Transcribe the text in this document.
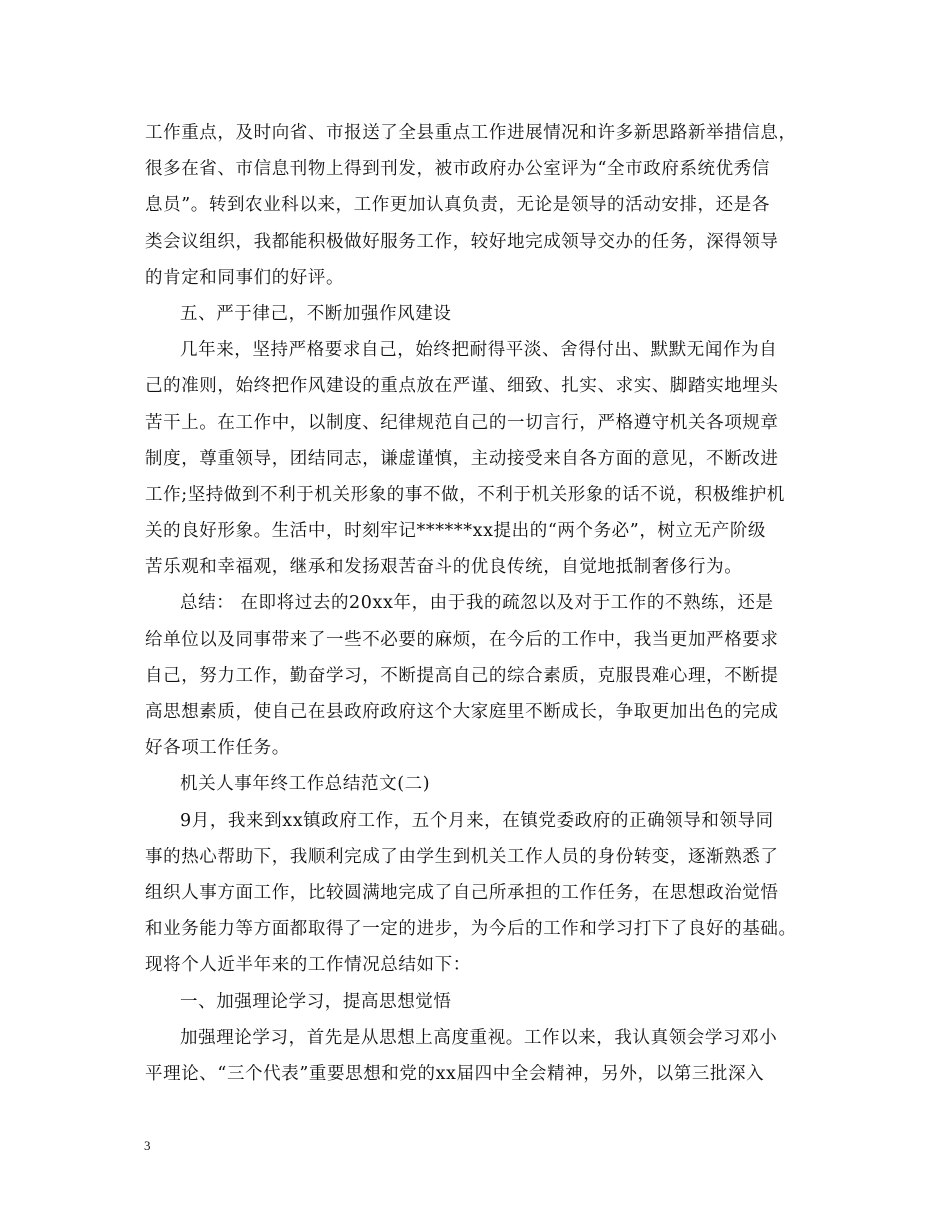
工作重点，及时向省、市报送了全县重点工作进展情况和许多新思路新举措信息，
很多在省、市信息刊物上得到刊发，被市政府办公室评为“全市政府系统优秀信
息员”。转到农业科以来，工作更加认真负责，无论是领导的活动安排，还是各
类会议组织，我都能积极做好服务工作，较好地完成领导交办的任务，深得领导
的肯定和同事们的好评。
五、严于律己，不断加强作风建设
几年来，坚持严格要求自己，始终把耐得平淡、舍得付出、默默无闻作为自
己的准则，始终把作风建设的重点放在严谨、细致、扎实、求实、脚踏实地埋头
苦干上。在工作中，以制度、纪律规范自己的一切言行，严格遵守机关各项规章
制度，尊重领导，团结同志，谦虚谨慎，主动接受来自各方面的意见，不断改进
工作;坚持做到不利于机关形象的事不做，不利于机关形象的话不说，积极维护机
关的良好形象。生活中，时刻牢记******xx提出的“两个务必”，树立无产阶级
苦乐观和幸福观，继承和发扬艰苦奋斗的优良传统，自觉地抵制奢侈行为。
总结： 在即将过去的20xx年，由于我的疏忽以及对于工作的不熟练，还是
给单位以及同事带来了一些不必要的麻烦，在今后的工作中，我当更加严格要求
自己，努力工作，勤奋学习，不断提高自己的综合素质，克服畏难心理，不断提
高思想素质，使自己在县政府政府这个大家庭里不断成长，争取更加出色的完成
好各项工作任务。
机关人事年终工作总结范文(二)
9月，我来到xx镇政府工作，五个月来，在镇党委政府的正确领导和领导同
事的热心帮助下，我顺利完成了由学生到机关工作人员的身份转变，逐渐熟悉了
组织人事方面工作，比较圆满地完成了自己所承担的工作任务，在思想政治觉悟
和业务能力等方面都取得了一定的进步，为今后的工作和学习打下了良好的基础。
现将个人近半年来的工作情况总结如下：
一、加强理论学习，提高思想觉悟
加强理论学习，首先是从思想上高度重视。工作以来，我认真领会学习邓小
平理论、“三个代表”重要思想和党的xx届四中全会精神，另外，以第三批深入
3
